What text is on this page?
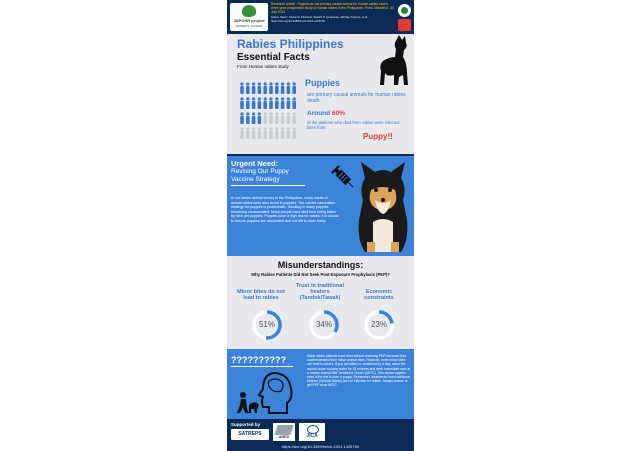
JAPOHR project
SATREPS JAPOHR
Research article : Puppies as the primary causal animal for human rabies cases: three-year prospective study of human rabies in the Philippines. Front. Microbiol., 30 July 2024
Nobuo Saito*, Kazunori Kimitsuki, Beatriz P. Quiambao, Michiko Toizumi, et al. https://doi.org/10.3389/fmicb.2024.1425766
Rabies Philippines
Essential Facts
From Human rabies study
Puppies
are primary causal animals for human rabies death
Around 60%
of the patients who died from rabies were infected bites from
Puppy!!
Urgent Need:
Revising Our Puppy Vaccine Strategy
In our rabies animal survey in the Philippines, many cases of animal rabies were also found in puppies. The current vaccination strategy for puppies is problematic, resulting in many puppies remaining unvaccinated. Many people have died from being bitten by their pet puppies. Puppies pose a high risk for rabies. It is crucial to ensure puppies are vaccinated and not left to roam freely.
Misunderstandings:
Why Rabies Patients Did Not Seek Post-Exposure Prophylaxis (PEP)?
Minor bites do not lead to rabies
Trust in traditional healers (Tandok/Tawak)
Economic constraints
51%	34%	23%
??????????	Many rabies patients have died without receiving PEP because they underestimated their minor animal bites. However, even minor bites can lead to rabies. If you are bitten or scratched by a dog, wash the wound under running water for 15 minutes and seek immediate care at a nearby Animal Bite Treatment Center (ABTC). This advice applies even if the bite is from a puppy. Remember, treatments from traditional healers (Tandok/Tawak) are not effective for rabies. Always ensure to get PEP at an ABTC.
Supported by
SATREPS	AMED	JICA
https://doi.org/10.3389/fmicb.2024.1425766
